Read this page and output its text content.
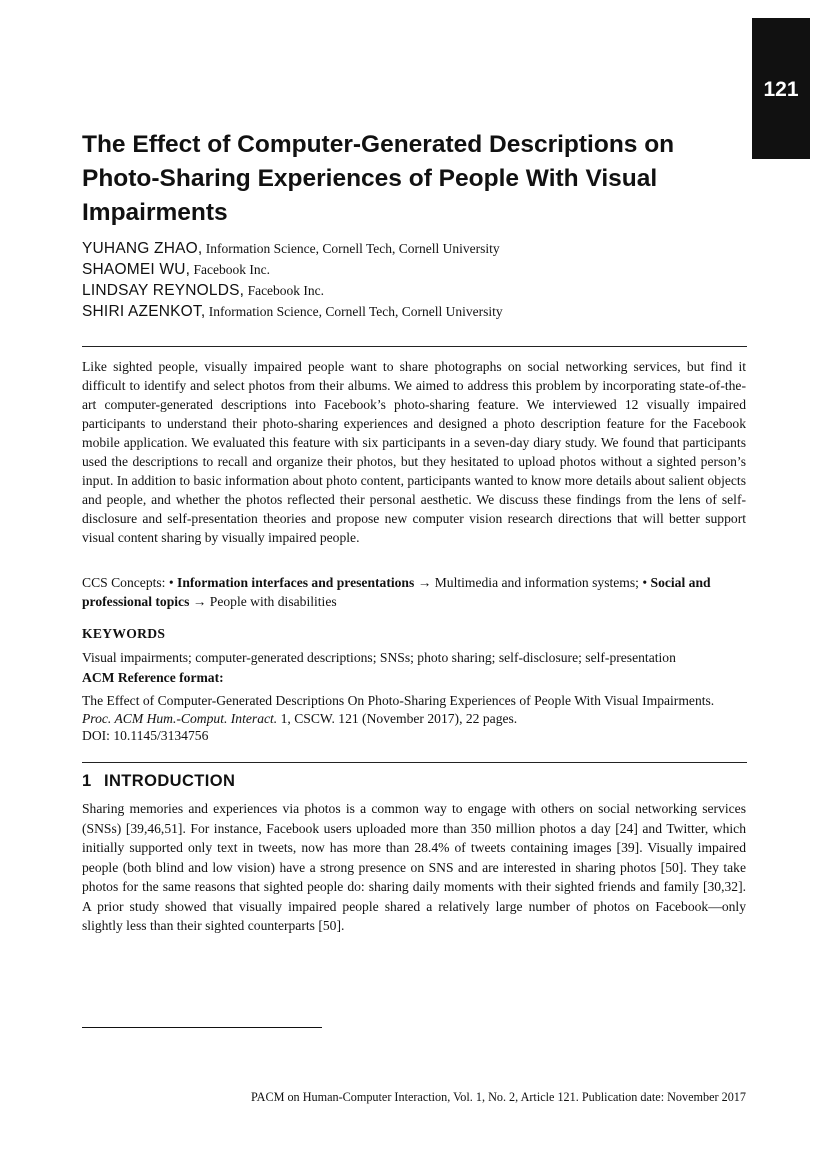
121
The Effect of Computer-Generated Descriptions on Photo-Sharing Experiences of People With Visual Impairments
YUHANG ZHAO, Information Science, Cornell Tech, Cornell University
SHAOMEI WU, Facebook Inc.
LINDSAY REYNOLDS, Facebook Inc.
SHIRI AZENKOT, Information Science, Cornell Tech, Cornell University

Like sighted people, visually impaired people want to share photographs on social networking services, but find it difficult to identify and select photos from their albums. We aimed to address this problem by incorporating state-of-the-art computer-generated descriptions into Facebook’s photo-sharing feature. We interviewed 12 visually impaired participants to understand their photo-sharing experiences and designed a photo description feature for the Facebook mobile application. We evaluated this feature with six participants in a seven-day diary study. We found that participants used the descriptions to recall and organize their photos, but they hesitated to upload photos without a sighted person’s input. In addition to basic information about photo content, participants wanted to know more details about salient objects and people, and whether the photos reflected their personal aesthetic. We discuss these findings from the lens of self-disclosure and self-presentation theories and propose new computer vision research directions that will better support visual content sharing by visually impaired people.

CCS Concepts: • Information interfaces and presentations → Multimedia and information systems; • Social and professional topics → People with disabilities
KEYWORDS
Visual impairments; computer-generated descriptions; SNSs; photo sharing; self-disclosure; self-presentation
ACM Reference format:
The Effect of Computer-Generated Descriptions On Photo-Sharing Experiences of People With Visual Impairments. Proc. ACM Hum.-Comput. Interact. 1, CSCW. 121 (November 2017), 22 pages.
DOI: 10.1145/3134756
1 INTRODUCTION

Sharing memories and experiences via photos is a common way to engage with others on social networking services (SNSs) [39,46,51]. For instance, Facebook users uploaded more than 350 million photos a day [24] and Twitter, which initially supported only text in tweets, now has more than 28.4% of tweets containing images [39]. Visually impaired people (both blind and low vision) have a strong presence on SNS and are interested in sharing photos [50]. They take photos for the same reasons that sighted people do: sharing daily moments with their sighted friends and family [30,32]. A prior study showed that visually impaired people shared a relatively large number of photos on Facebook—only slightly less than their sighted counterparts [50].

PACM on Human-Computer Interaction, Vol. 1, No. 2, Article 121. Publication date: November 2017
